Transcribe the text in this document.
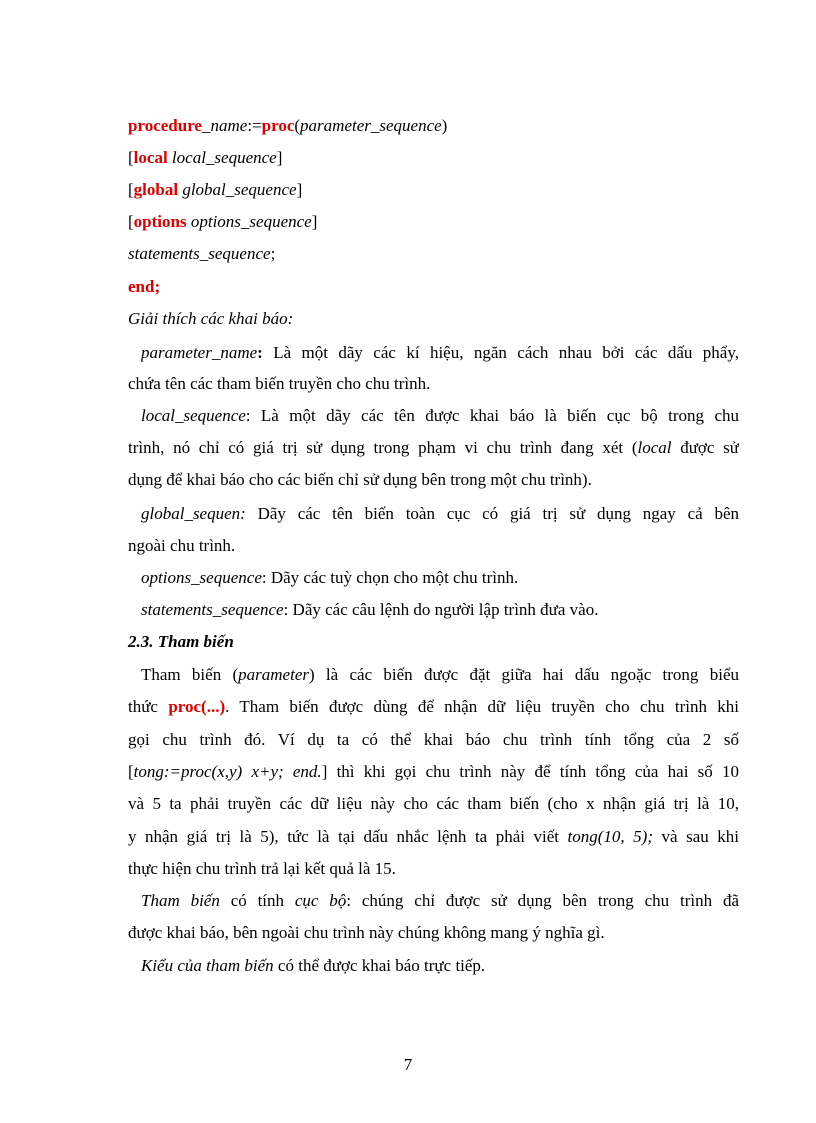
procedure_name:=proc(parameter_sequence)
[local local_sequence]
[global global_sequence]
[options options_sequence]
statements_sequence;
end;
Giải thích các khai báo:
parameter_name: Là một dãy các kí hiệu, ngăn cách nhau bởi các dấu phẩy,
chứa tên các tham biến truyền cho chu trình.
local_sequence: Là một dãy các tên được khai báo là biến cục bộ trong chu
trình, nó chỉ có giá trị sử dụng trong phạm vi chu trình đang xét (local được sử
dụng để khai báo cho các biến chỉ sử dụng bên trong một chu trình).
global_sequen: Dãy các tên biến toàn cục có giá trị sử dụng ngay cả bên
ngoài chu trình.
options_sequence: Dãy các tuỳ chọn cho một chu trình.
statements_sequence: Dãy các câu lệnh do người lập trình đưa vào.
2.3. Tham biến
Tham biến (parameter) là các biến được đặt giữa hai dấu ngoặc trong biểu
thức proc(...). Tham biến được dùng để nhận dữ liệu truyền cho chu trình khi
gọi chu trình đó. Ví dụ ta có thể khai báo chu trình tính tổng của 2 số
[tong:=proc(x,y) x+y; end.] thì khi gọi chu trình này để tính tổng của hai số 10
và 5 ta phải truyền các dữ liệu này cho các tham biến (cho x nhận giá trị là 10,
y nhận giá trị là 5), tức là tại dấu nhắc lệnh ta phải viết tong(10, 5); và sau khi
thực hiện chu trình trả lại kết quả là 15.
Tham biến có tính cục bộ: chúng chỉ được sử dụng bên trong chu trình đã
được khai báo, bên ngoài chu trình này chúng không mang ý nghĩa gì.
Kiểu của tham biến có thể được khai báo trực tiếp.
7
